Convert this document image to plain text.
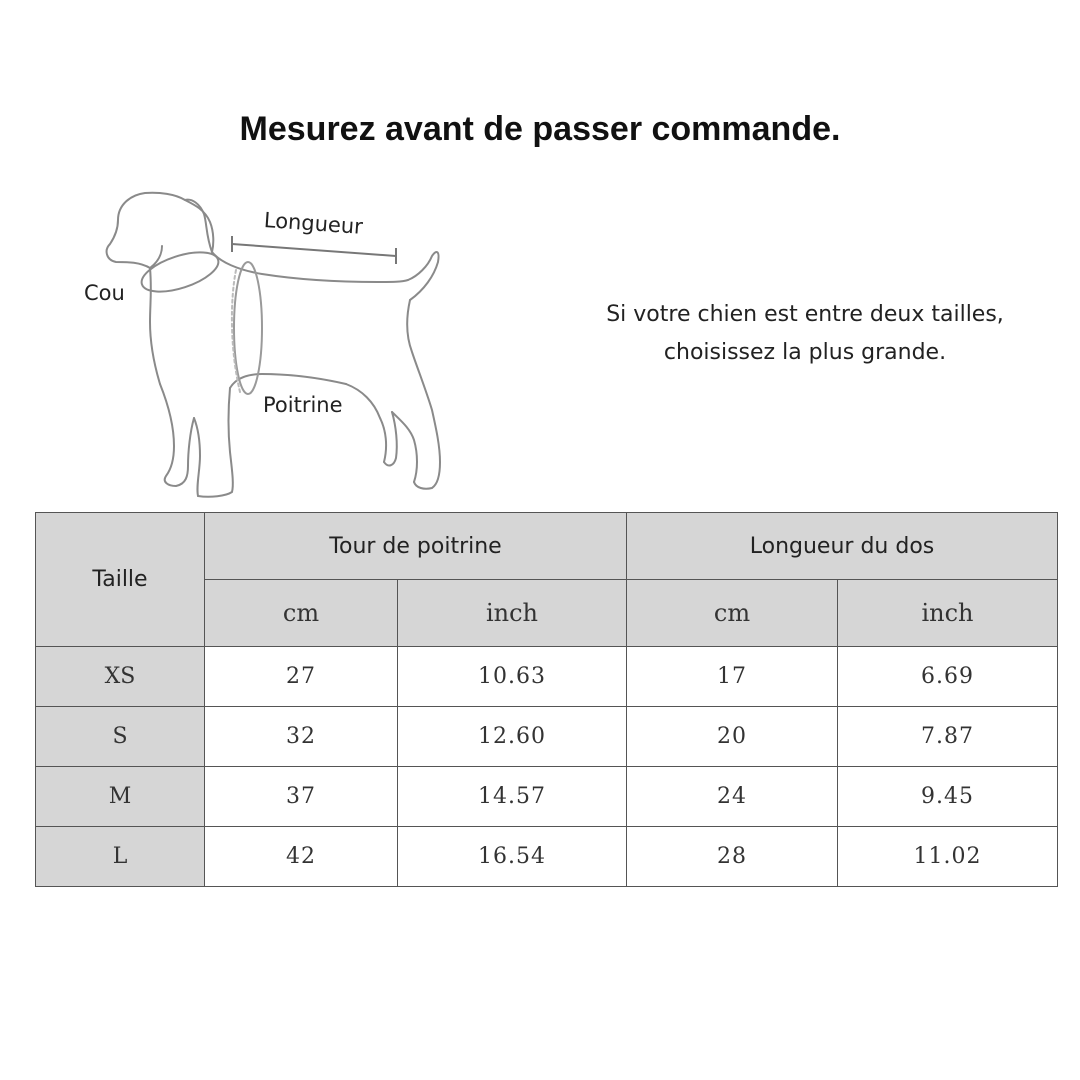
Mesurez avant de passer commande.
Longueur
Cou
Poitrine
Si votre chien est entre deux tailles,
choisissez la plus grande.
Taille	Tour de poitrine		Longueur du dos	
	cm	inch	cm	inch
XS	27	10.63	17	6.69
S	32	12.60	20	7.87
M	37	14.57	24	9.45
L	42	16.54	28	11.02
